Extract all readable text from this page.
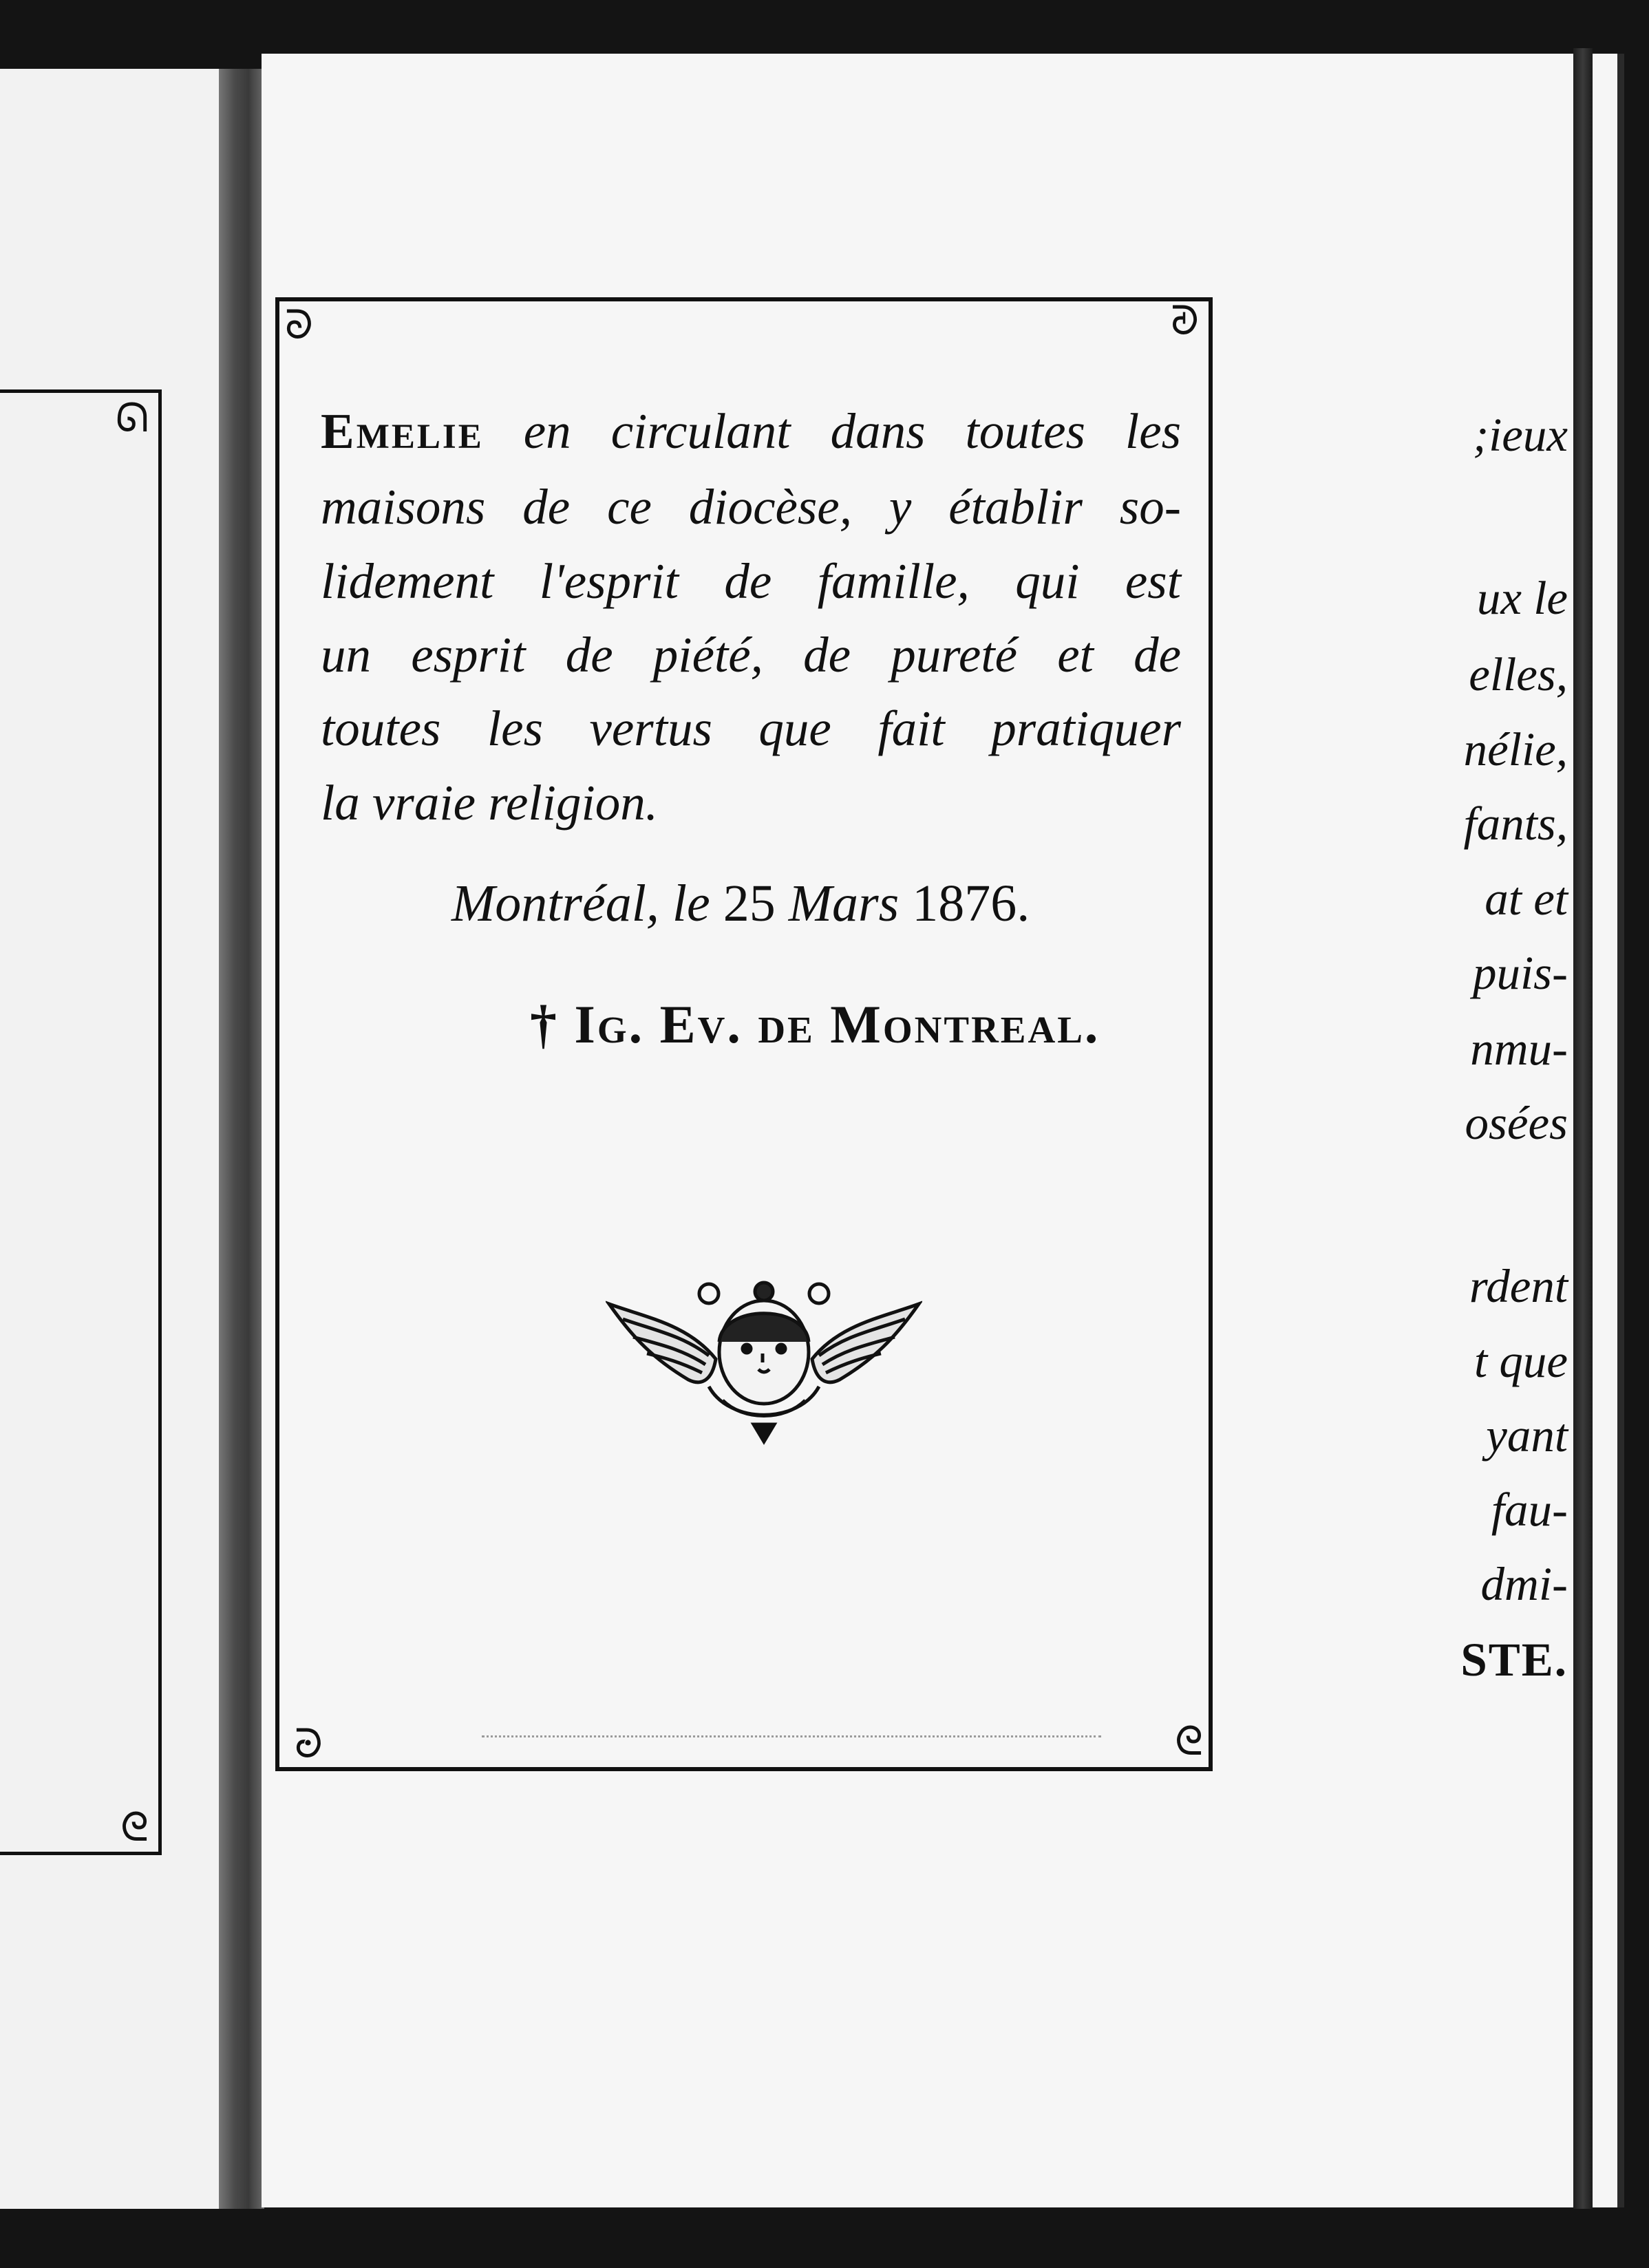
ᘏ
ᘓ
;ieux
ux le
elles,
nélie,
fants,
at et
puis-
nmu-
osées
rdent
t que
yant
fau-
dmi-
STE.
ᘐ	ᘑ
ᘒ	ᘓ
Emelie en circulant dans toutes les
maisons de ce diocèse, y établir so-
lidement l'esprit de famille, qui est
un esprit de piété, de pureté et de
toutes les vertus que fait pratiquer
la vraie religion.
Montréal, le 25 Mars 1876.
† Ig. Ev. de Montreal.
